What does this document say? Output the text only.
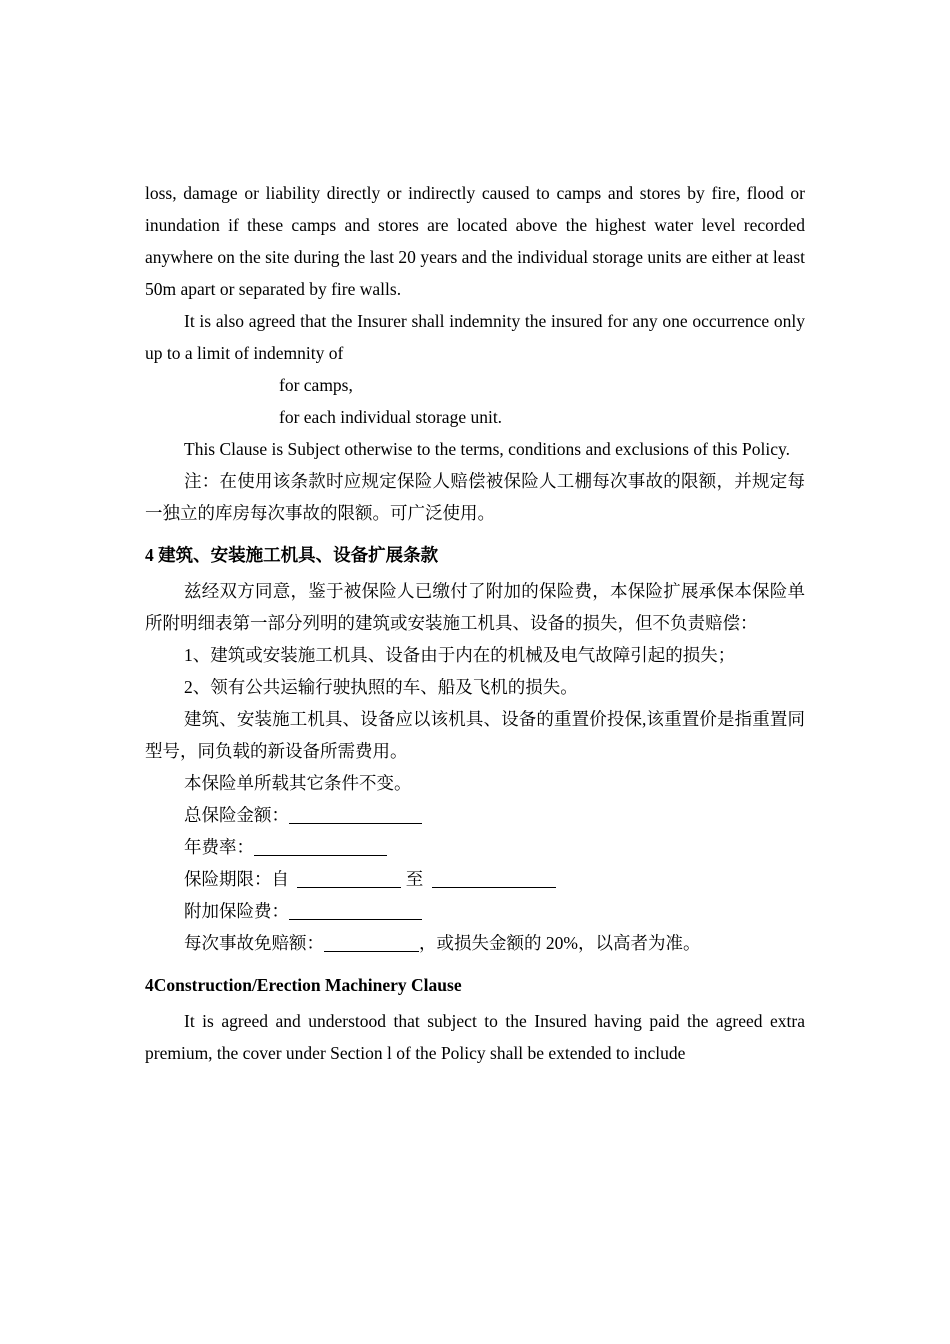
loss, damage or liability directly or indirectly caused to camps and stores by fire, flood or inundation if these camps and stores are located above the highest water level recorded anywhere on the site during the last 20 years and the individual storage units are either at least 50m apart or separated by fire walls.

It is also agreed that the Insurer shall indemnity the insured for any one occurrence only up to a limit of indemnity of

for camps,

for each individual storage unit.

This Clause is Subject otherwise to the terms, conditions and exclusions of this Policy.

注：在使用该条款时应规定保险人赔偿被保险人工棚每次事故的限额，并规定每一独立的库房每次事故的限额。可广泛使用。

4 建筑、安装施工机具、设备扩展条款

兹经双方同意，鉴于被保险人已缴付了附加的保险费，本保险扩展承保本保险单所附明细表第一部分列明的建筑或安装施工机具、设备的损失，但不负责赔偿：

1、建筑或安装施工机具、设备由于内在的机械及电气故障引起的损失；

2、领有公共运输行驶执照的车、船及飞机的损失。

建筑、安装施工机具、设备应以该机具、设备的重置价投保,该重置价是指重置同型号，同负载的新设备所需费用。

本保险单所载其它条件不变。

总保险金额：

年费率：

保险期限：自	至

附加保险费：

每次事故免赔额：	，或损失金额的 20%，以高者为准。

4Construction/Erection Machinery Clause

It is agreed and understood that subject to the Insured having paid the agreed extra premium, the cover under Section l of the Policy shall be extended to include
